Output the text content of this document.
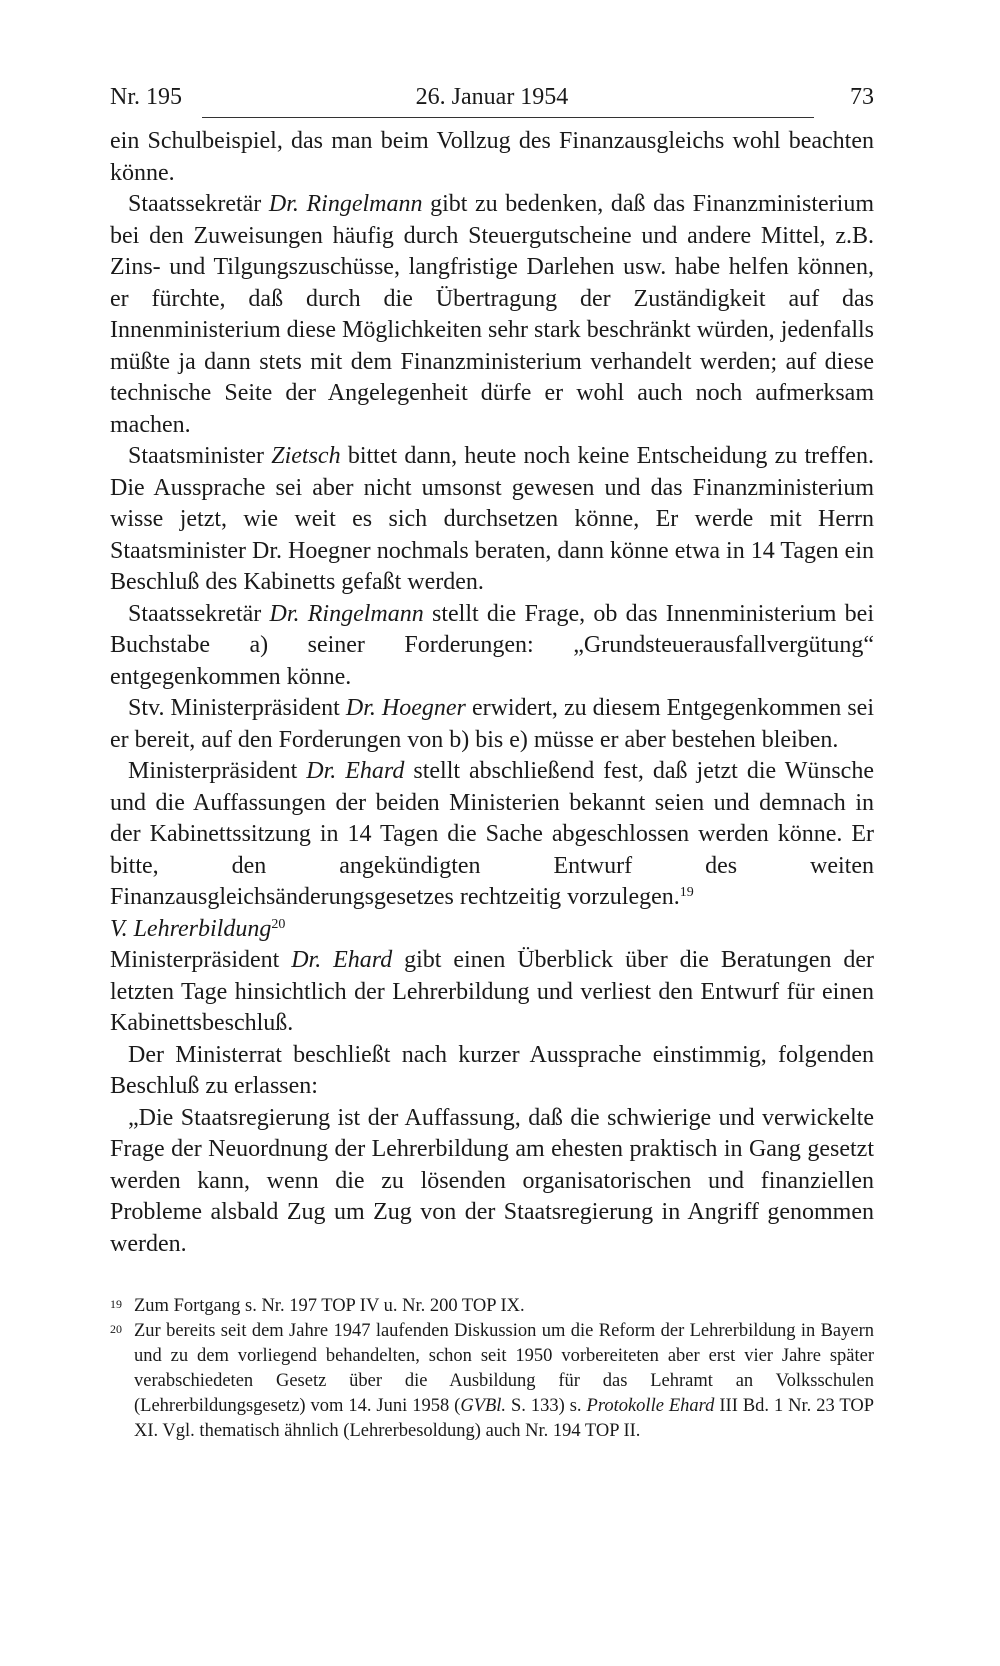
Nr. 195	26. Januar 1954	73

ein Schulbeispiel, das man beim Vollzug des Finanzausgleichs wohl beachten könne.

Staatssekretär Dr. Ringelmann gibt zu bedenken, daß das Finanzministerium bei den Zuweisungen häufig durch Steuergutscheine und andere Mittel, z.B. Zins- und Tilgungszuschüsse, langfristige Darlehen usw. habe helfen können, er fürchte, daß durch die Übertragung der Zuständigkeit auf das Innenministerium diese Möglichkeiten sehr stark beschränkt würden, jedenfalls müßte ja dann stets mit dem Finanzministerium verhandelt werden; auf diese technische Seite der Angelegenheit dürfe er wohl auch noch aufmerksam machen.

Staatsminister Zietsch bittet dann, heute noch keine Entscheidung zu treffen. Die Aussprache sei aber nicht umsonst gewesen und das Finanzministerium wisse jetzt, wie weit es sich durchsetzen könne, Er werde mit Herrn Staatsminister Dr. Hoegner nochmals beraten, dann könne etwa in 14 Tagen ein Beschluß des Kabinetts gefaßt werden.

Staatssekretär Dr. Ringelmann stellt die Frage, ob das Innenministerium bei Buchstabe a) seiner Forderungen: „Grundsteuerausfallvergütung“ entgegenkommen könne.

Stv. Ministerpräsident Dr. Hoegner erwidert, zu diesem Entgegenkommen sei er bereit, auf den Forderungen von b) bis e) müsse er aber bestehen bleiben.

Ministerpräsident Dr. Ehard stellt abschließend fest, daß jetzt die Wünsche und die Auffassungen der beiden Ministerien bekannt seien und demnach in der Kabinettssitzung in 14 Tagen die Sache abgeschlossen werden könne. Er bitte, den angekündigten Entwurf des weiten Finanzausgleichsänderungsgesetzes rechtzeitig vorzulegen.$^{19}$

V. Lehrerbildung$^{20}$

Ministerpräsident Dr. Ehard gibt einen Überblick über die Beratungen der letzten Tage hinsichtlich der Lehrerbildung und verliest den Entwurf für einen Kabinettsbeschluß.

Der Ministerrat beschließt nach kurzer Aussprache einstimmig, folgenden Beschluß zu erlassen:

„Die Staatsregierung ist der Auffassung, daß die schwierige und verwickelte Frage der Neuordnung der Lehrerbildung am ehesten praktisch in Gang gesetzt werden kann, wenn die zu lösenden organisatorischen und finanziellen Probleme alsbald Zug um Zug von der Staatsregierung in Angriff genommen werden.

19 Zum Fortgang s. Nr. 197 TOP IV u. Nr. 200 TOP IX.
20 Zur bereits seit dem Jahre 1947 laufenden Diskussion um die Reform der Lehrerbildung in Bayern und zu dem vorliegend behandelten, schon seit 1950 vorbereiteten aber erst vier Jahre später verabschiedeten Gesetz über die Ausbildung für das Lehramt an Volksschulen (Lehrerbildungsgesetz) vom 14. Juni 1958 (GVBl. S. 133) s. Protokolle Ehard III Bd. 1 Nr. 23 TOP XI. Vgl. thematisch ähnlich (Lehrerbesoldung) auch Nr. 194 TOP II.
